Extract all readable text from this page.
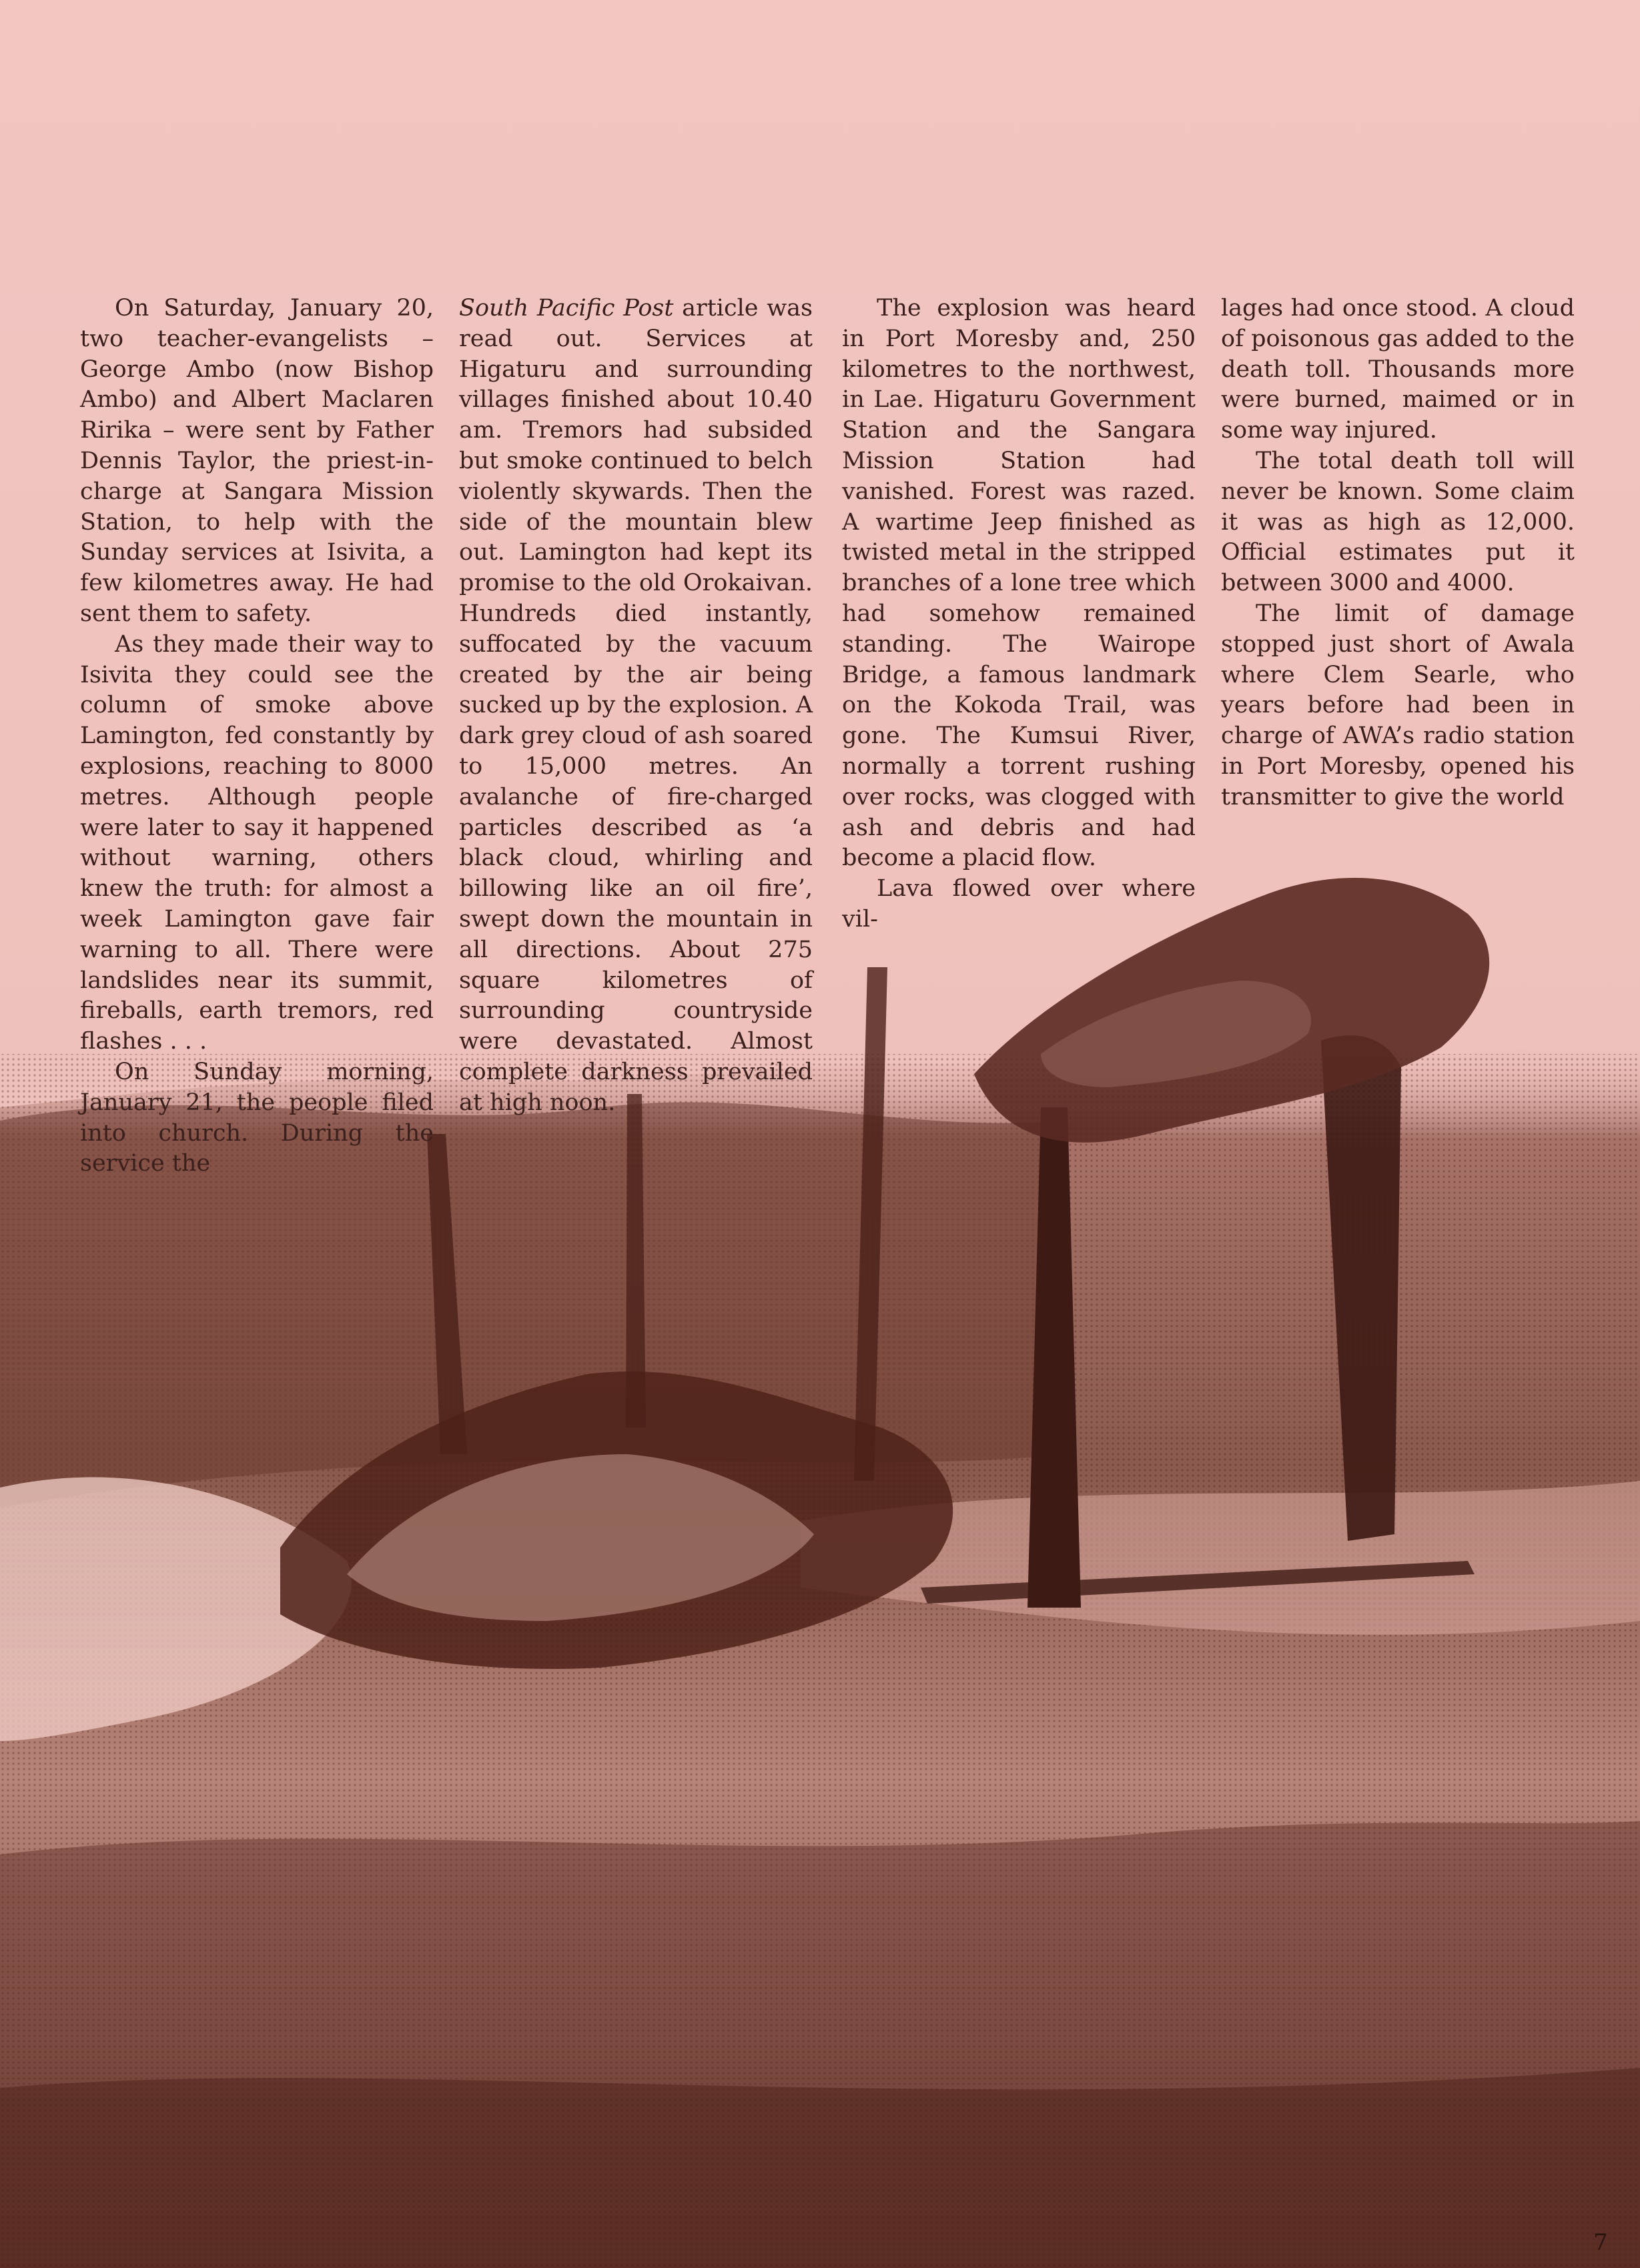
On Saturday, January 20, two teacher-evangelists – George Ambo (now Bishop Ambo) and Albert Maclaren Ririka – were sent by Father Dennis Taylor, the priest-in-charge at Sangara Mission Station, to help with the Sunday services at Isivita, a few kilometres away. He had sent them to safety.

As they made their way to Isivita they could see the column of smoke above Lamington, fed constantly by explosions, reaching to 8000 metres. Although people were later to say it happened without warning, others knew the truth: for almost a week Lamington gave fair warning to all. There were landslides near its summit, fireballs, earth tremors, red flashes . . .

On Sunday morning, January 21, the people filed into church. During the service the

South Pacific Post article was read out. Services at Higaturu and surrounding villages finished about 10.40 am. Tremors had subsided but smoke continued to belch violently skywards. Then the side of the mountain blew out. Lamington had kept its promise to the old Orokaivan. Hundreds died instantly, suffocated by the vacuum created by the air being sucked up by the explosion. A dark grey cloud of ash soared to 15,000 metres. An avalanche of fire-charged particles described as ‘a black cloud, whirling and billowing like an oil fire’, swept down the mountain in all directions. About 275 square kilometres of surrounding countryside were devastated. Almost complete darkness prevailed at high noon.

The explosion was heard in Port Moresby and, 250 kilometres to the northwest, in Lae. Higaturu Government Station and the Sangara Mission Station had vanished. Forest was razed. A wartime Jeep finished as twisted metal in the stripped branches of a lone tree which had somehow remained standing. The Wairope Bridge, a famous landmark on the Kokoda Trail, was gone. The Kumsui River, normally a torrent rushing over rocks, was clogged with ash and debris and had become a placid flow.

Lava flowed over where vil-

lages had once stood. A cloud of poisonous gas added to the death toll. Thousands more were burned, maimed or in some way injured.

The total death toll will never be known. Some claim it was as high as 12,000. Official estimates put it between 3000 and 4000.

The limit of damage stopped just short of Awala where Clem Searle, who years before had been in charge of AWA’s radio station in Port Moresby, opened his transmitter to give the world

7
